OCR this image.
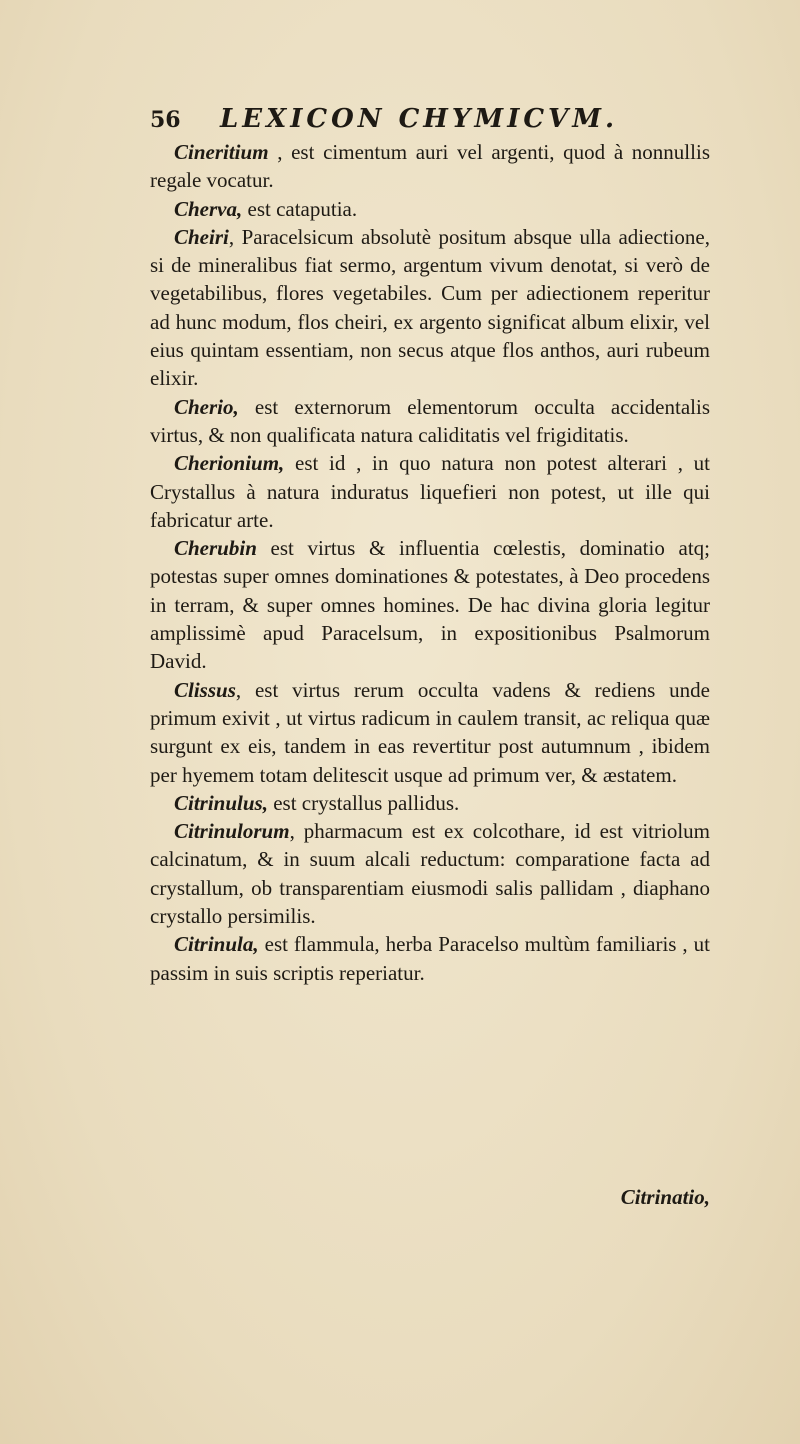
56	LEXICON CHYMICVM.

Cineritium , est cimentum auri vel argenti, quod à nonnullis regale vocatur.

Cherva, est cataputia.

Cheiri, Paracelsicum absolutè positum absque ulla adiectione, si de mineralibus fiat sermo, argentum vivum denotat, si verò de vegetabilibus, flores vegetabiles. Cum per adiectionem reperitur ad hunc modum, flos cheiri, ex argento significat album elixir, vel eius quintam essentiam, non secus atque flos anthos, auri rubeum elixir.

Cherio, est externorum elementorum occulta accidentalis virtus, & non qualificata natura caliditatis vel frigiditatis.

Cherionium, est id , in quo natura non potest alterari , ut Crystallus à natura induratus liquefieri non potest, ut ille qui fabricatur arte.

Cherubin est virtus & influentia cœlestis, dominatio atq; potestas super omnes dominationes & potestates, à Deo procedens in terram, & super omnes homines. De hac divina gloria legitur amplissimè apud Paracelsum, in expositionibus Psalmorum David.

Clissus, est virtus rerum occulta vadens & rediens unde primum exivit , ut virtus radicum in caulem transit, ac reliqua quæ surgunt ex eis, tandem in eas revertitur post autumnum , ibidem per hyemem totam delitescit usque ad primum ver, & æstatem.

Citrinulus, est crystallus pallidus.

Citrinulorum, pharmacum est ex colcothare, id est vitriolum calcinatum, & in suum alcali reductum: comparatione facta ad crystallum, ob transparentiam eiusmodi salis pallidam , diaphano crystallo persimilis.

Citrinula, est flammula, herba Paracelso multùm familiaris , ut passim in suis scriptis reperiatur.

Citrinatio,
